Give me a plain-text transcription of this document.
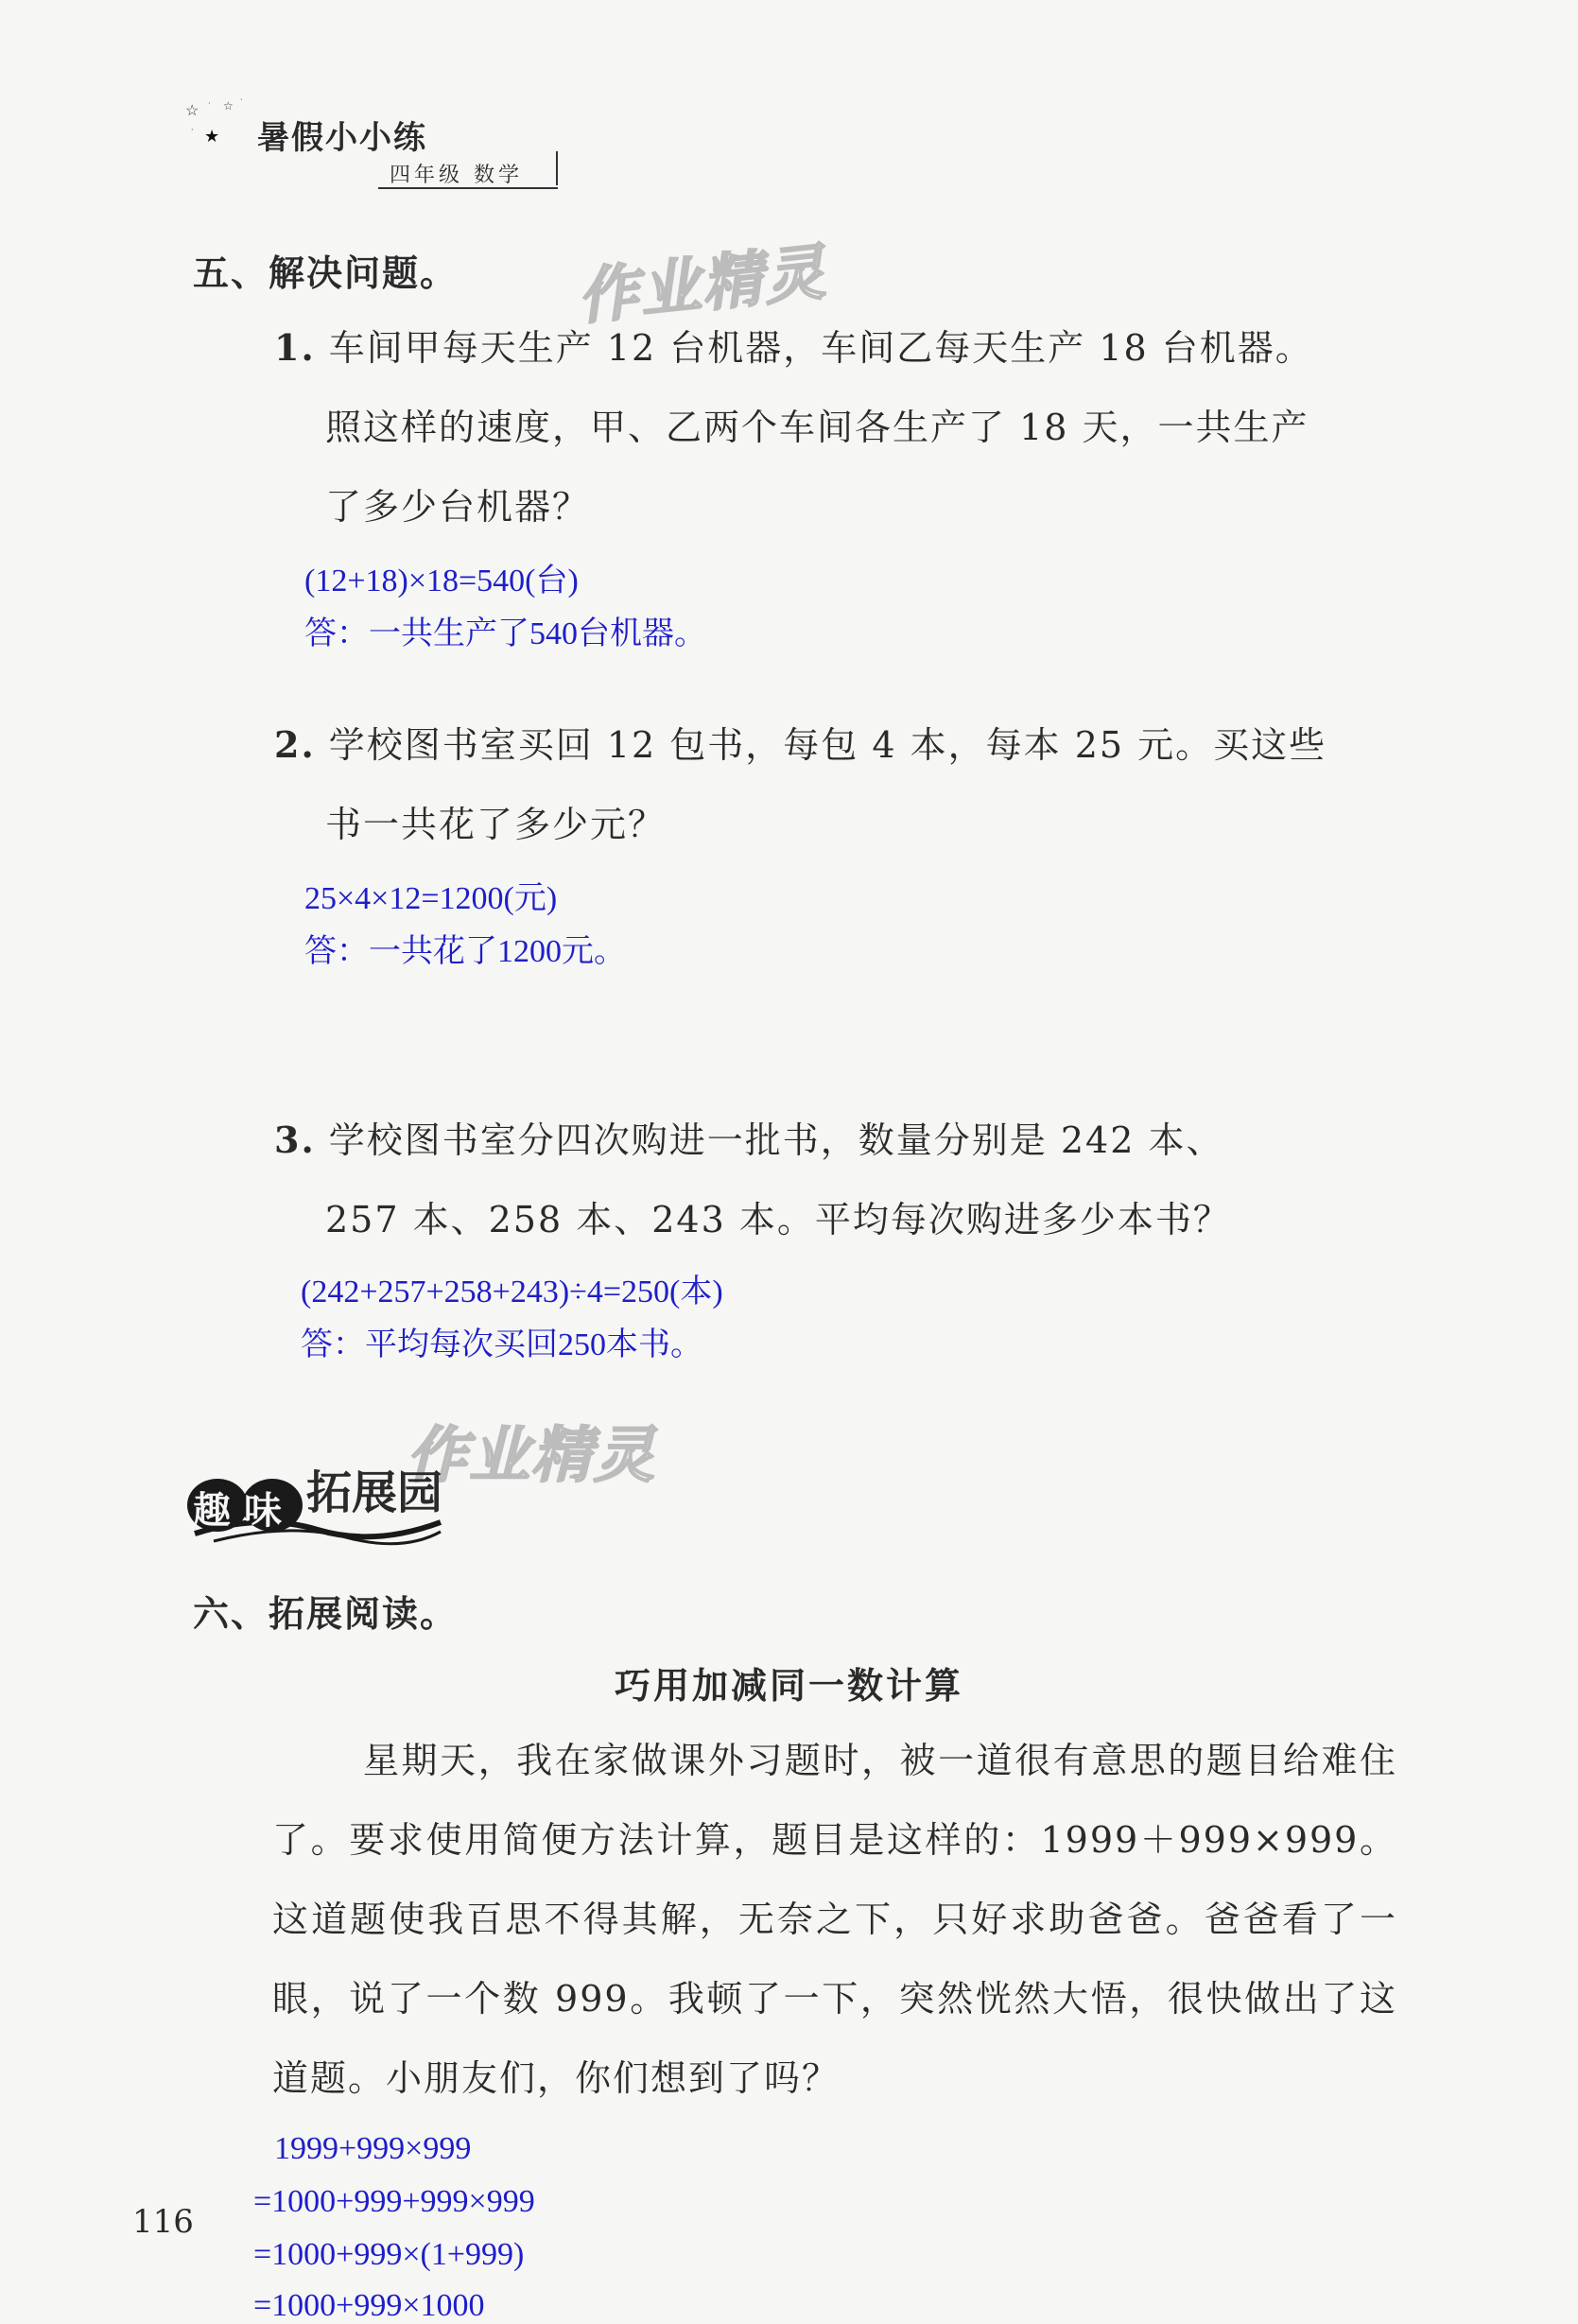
☆ · ☆ ·
★
· 暑假小小练
四年级 数学
五、解决问题。 作业精灵
1. 车间甲每天生产 12 台机器，车间乙每天生产 18 台机器。
照这样的速度，甲、乙两个车间各生产了 18 天，一共生产
了多少台机器？
(12+18)×18=540(台)
答：一共生产了540台机器。
2. 学校图书室买回 12 包书，每包 4 本，每本 25 元。买这些
书一共花了多少元？
25×4×12=1200(元)
答：一共花了1200元。
3. 学校图书室分四次购进一批书，数量分别是 242 本、
257 本、258 本、243 本。平均每次购进多少本书？
(242+257+258+243)÷4=250(本)
答：平均每次买回250本书。
作业精灵
趣味 拓展园
六、拓展阅读。
巧用加减同一数计算

星期天，我在家做课外习题时，被一道很有意思的题目给难住了。要求使用简便方法计算，题目是这样的：1999＋999×999。这道题使我百思不得其解，无奈之下，只好求助爸爸。爸爸看了一眼，说了一个数 999。我顿了一下，突然恍然大悟，很快做出了这道题。小朋友们，你们想到了吗？

1999+999×999
=1000+999+999×999
=1000+999×(1+999)
=1000+999×1000
116
